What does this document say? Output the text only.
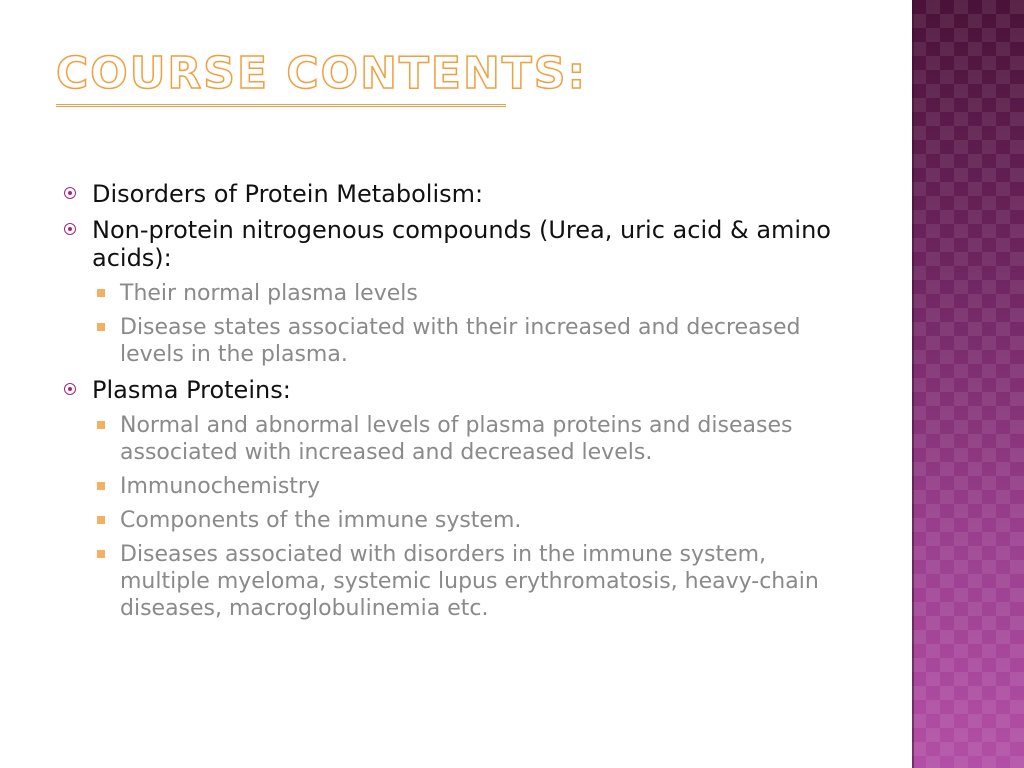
COURSE CONTENTS:
Disorders of Protein Metabolism:
Non-protein nitrogenous compounds (Urea, uric acid & amino acids):
Their normal plasma levels
Disease states associated with their increased and decreased levels in the plasma.
Plasma Proteins:
Normal and abnormal levels of plasma proteins and diseases associated with increased and decreased levels.
Immunochemistry
Components of the immune system.
Diseases associated with disorders in the immune system, multiple myeloma, systemic lupus erythromatosis, heavy-chain diseases, macroglobulinemia etc.
